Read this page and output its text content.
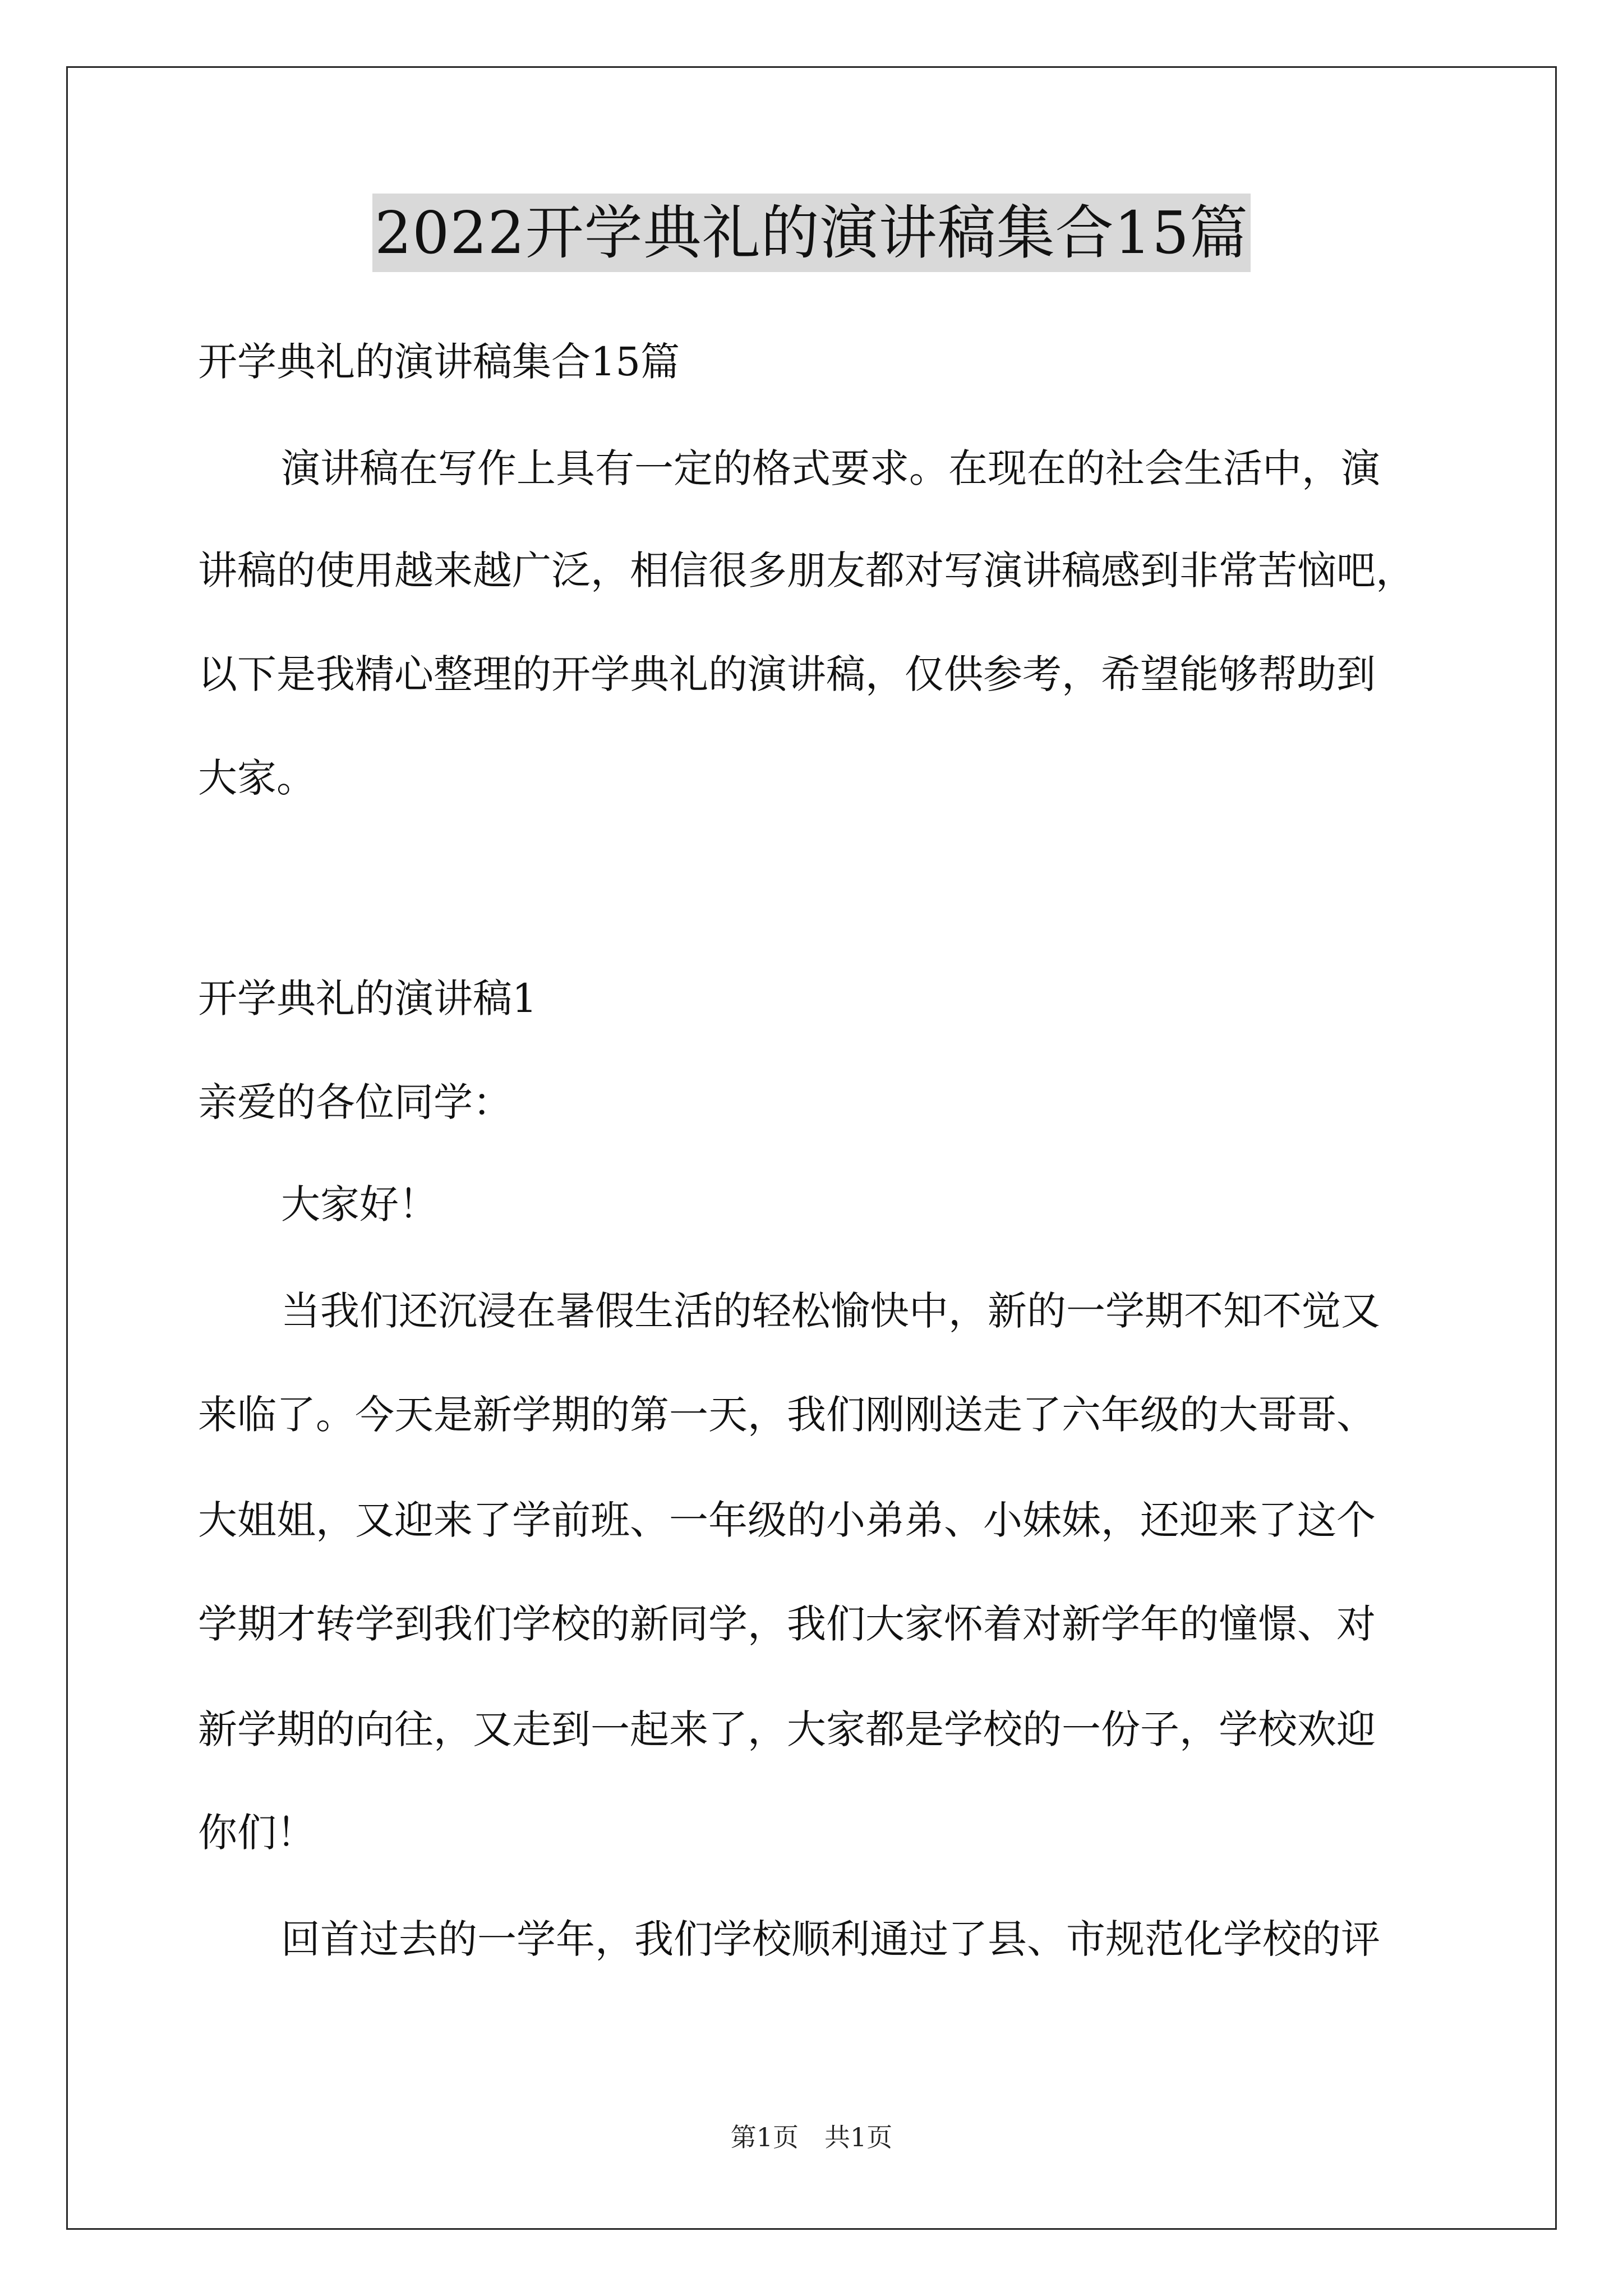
2022开学典礼的演讲稿集合15篇

开学典礼的演讲稿集合15篇

演讲稿在写作上具有一定的格式要求。在现在的社会生活中，演

讲稿的使用越来越广泛，相信很多朋友都对写演讲稿感到非常苦恼吧，

以下是我精心整理的开学典礼的演讲稿，仅供参考，希望能够帮助到

大家。

开学典礼的演讲稿1

亲爱的各位同学：

大家好！

当我们还沉浸在暑假生活的轻松愉快中，新的一学期不知不觉又

来临了。今天是新学期的第一天，我们刚刚送走了六年级的大哥哥、

大姐姐，又迎来了学前班、一年级的小弟弟、小妹妹，还迎来了这个

学期才转学到我们学校的新同学，我们大家怀着对新学年的憧憬、对

新学期的向往，又走到一起来了，大家都是学校的一份子，学校欢迎

你们！

回首过去的一学年，我们学校顺利通过了县、市规范化学校的评

第1页　共1页
